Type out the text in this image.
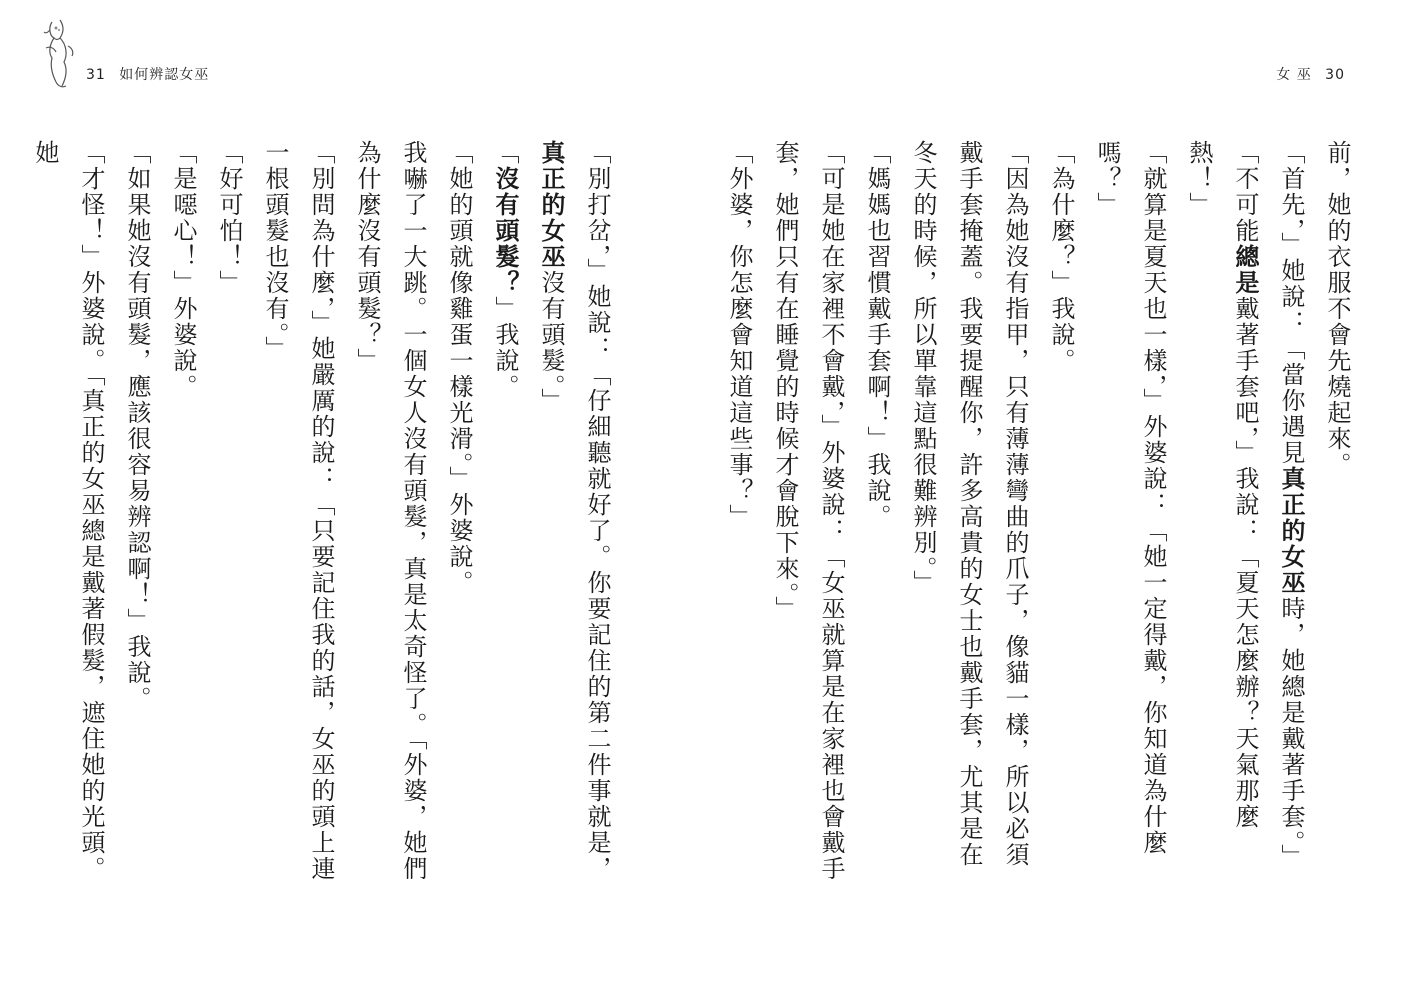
31 如何辨認女巫	女 巫 30

前，她的衣服不會先燒起來。

「首先，」她說：「當你遇見真正的女巫時，她總是戴著手套。」

「不可能總是戴著手套吧，」我說：「夏天怎麼辦？天氣那麼熱！」

「就算是夏天也一樣，」外婆說：「她一定得戴，你知道為什麼嗎？」

「為什麼？」我說。

「因為她沒有指甲，只有薄薄彎曲的爪子，像貓一樣，所以必須戴手套掩蓋。我要提醒你，許多高貴的女士也戴手套，尤其是在冬天的時候，所以單靠這點很難辨別。」

「媽媽也習慣戴手套啊！」我說。

「可是她在家裡不會戴，」外婆說：「女巫就算是在家裡也會戴手套，她們只有在睡覺的時候才會脫下來。」

「外婆，你怎麼會知道這些事？」

「別打岔，」她說：「仔細聽就好了。你要記住的第二件事就是，真正的女巫沒有頭髮。」

「沒有頭髮？」我說。

「她的頭就像雞蛋一樣光滑。」外婆說。

我嚇了一大跳。一個女人沒有頭髮，真是太奇怪了。「外婆，她們為什麼沒有頭髮？」

「別問為什麼，」她嚴厲的說：「只要記住我的話，女巫的頭上連一根頭髮也沒有。」

「好可怕！」

「是噁心！」外婆說。

「如果她沒有頭髮，應該很容易辨認啊！」我說。

「才怪！」外婆說。「真正的女巫總是戴著假髮，遮住她的光頭。她
